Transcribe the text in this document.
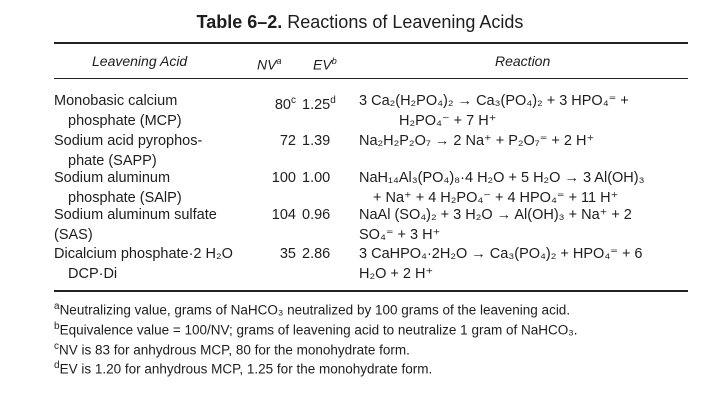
Table 6–2. Reactions of Leavening Acids
Leavening Acid	$NV^a$ $EV^b$	Reaction
Monobasic calcium
phosphate (MCP)
80$^c$ 1.25$^d$	3 Ca₂(H₂PO₄)₂ → Ca₃(PO₄)₂ + 3 HPO₄⁼ +
H₂PO₄⁻ + 7 H⁺
Sodium acid pyrophos-
phate (SAPP)
72 1.39	Na₂H₂P₂O₇ → 2 Na⁺ + P₂O₇⁼ + 2 H⁺
Sodium aluminum
phosphate (SAlP)
100 1.00	NaH₁₄Al₃(PO₄)₈·4 H₂O + 5 H₂O → 3 Al(OH)₃
+ Na⁺ + 4 H₂PO₄⁻ + 4 HPO₄⁼ + 11 H⁺
Sodium aluminum sulfate
(SAS)
104 0.96	NaAl (SO₄)₂ + 3 H₂O → Al(OH)₃ + Na⁺ + 2
SO₄⁼ + 3 H⁺
Dicalcium phosphate·2 H₂O
DCP·Di
35 2.86	3 CaHPO₄·2H₂O → Ca₃(PO₄)₂ + HPO₄⁼ + 6
H₂O + 2 H⁺
$^a$Neutralizing value, grams of NaHCO₃ neutralized by 100 grams of the leavening acid.
$^b$Equivalence value = 100/NV; grams of leavening acid to neutralize 1 gram of NaHCO₃.
$^c$NV is 83 for anhydrous MCP, 80 for the monohydrate form.
$^d$EV is 1.20 for anhydrous MCP, 1.25 for the monohydrate form.
